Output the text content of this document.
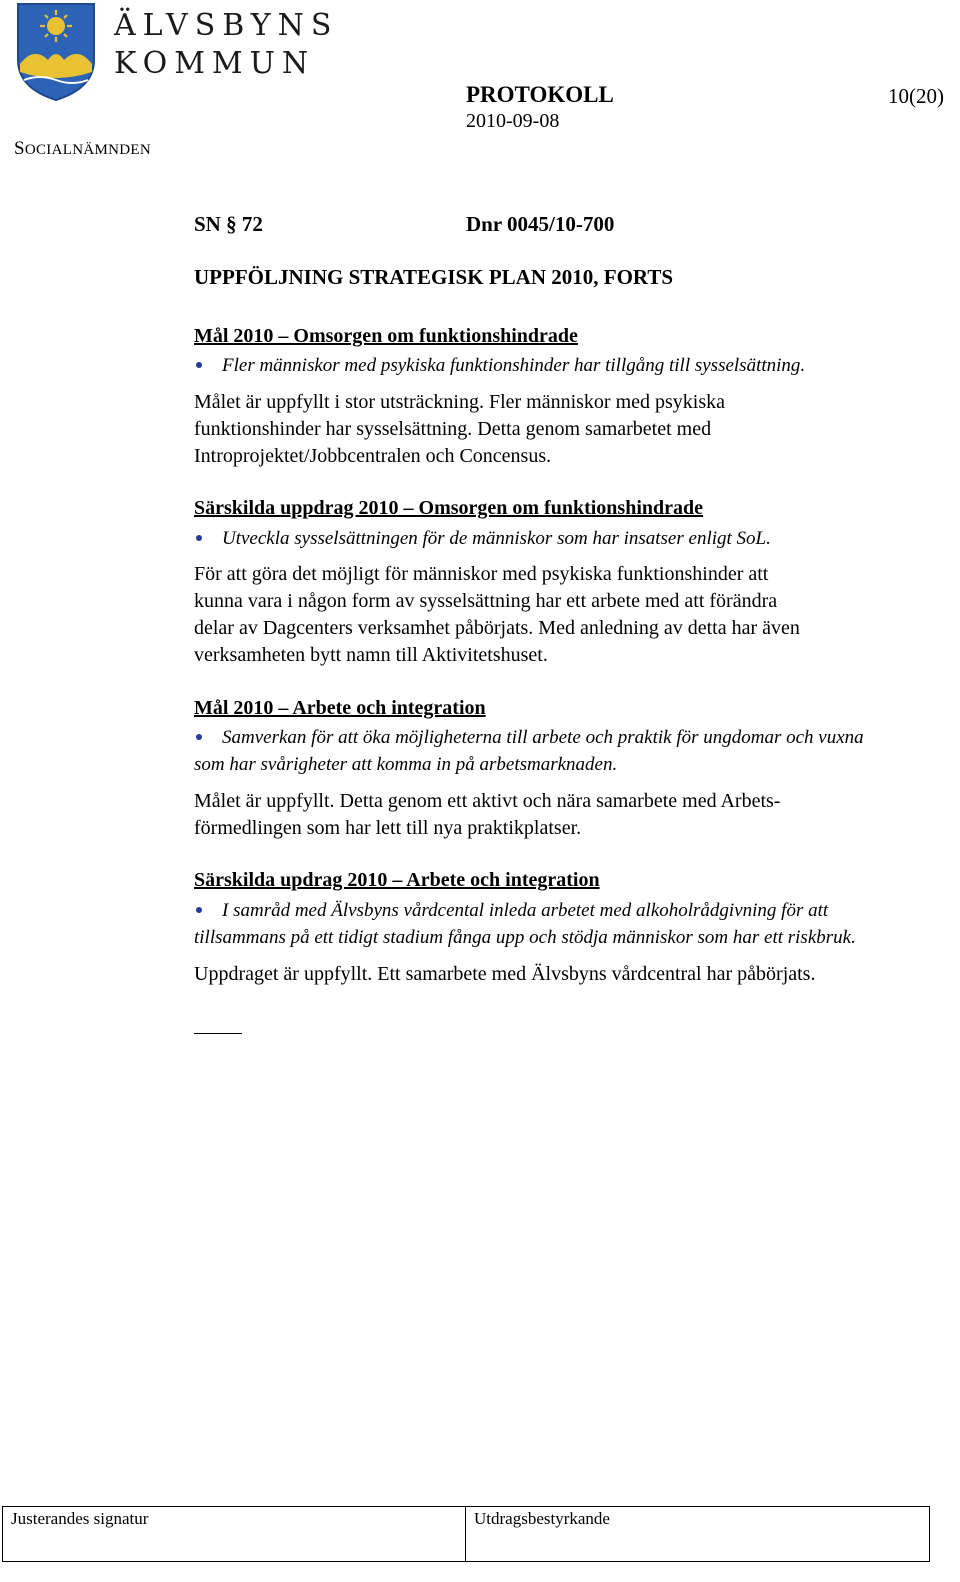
ÄLVSBYNS
KOMMUN
SOCIALNÄMNDEN
PROTOKOLL
2010-09-08
10(20)
SN § 72	Dnr 0045/10-700
UPPFÖLJNING STRATEGISK PLAN 2010, FORTS
Mål 2010 – Omsorgen om funktionshindrade
Fler människor med psykiska funktionshinder har tillgång till sysselsättning.
Målet är uppfyllt i stor utsträckning. Fler människor med psykiska
funktionshinder har sysselsättning. Detta genom samarbetet med
Introprojektet/Jobbcentralen och Concensus.
Särskilda uppdrag 2010 – Omsorgen om funktionshindrade
Utveckla sysselsättningen för de människor som har insatser enligt SoL.
För att göra det möjligt för människor med psykiska funktionshinder att
kunna vara i någon form av sysselsättning har ett arbete med att förändra
delar av Dagcenters verksamhet påbörjats. Med anledning av detta har även
verksamheten bytt namn till Aktivitetshuset.
Mål 2010 – Arbete och integration
Samverkan för att öka möjligheterna till arbete och praktik för ungdomar och vuxna
som har svårigheter att komma in på arbetsmarknaden.
Målet är uppfyllt. Detta genom ett aktivt och nära samarbete med Arbets-
förmedlingen som har lett till nya praktikplatser.
Särskilda updrag 2010 – Arbete och integration
I samråd med Älvsbyns vårdcental inleda arbetet med alkoholrådgivning för att
tillsammans på ett tidigt stadium fånga upp och stödja människor som har ett riskbruk.
Uppdraget är uppfyllt. Ett samarbete med Älvsbyns vårdcentral har påbörjats.
Justerandes signatur	Utdragsbestyrkande
